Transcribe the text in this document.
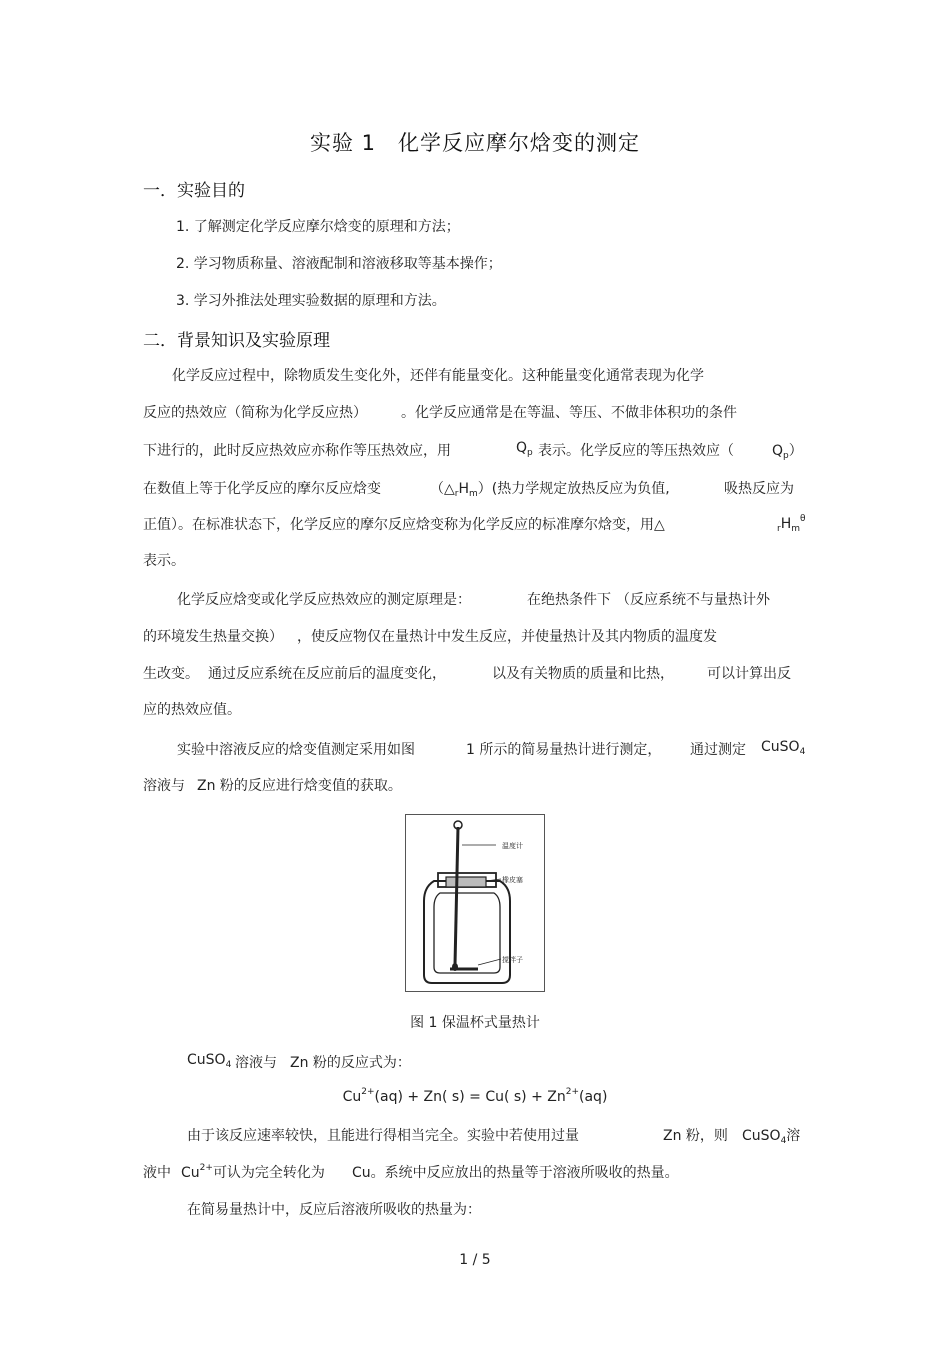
实验 1　化学反应摩尔焓变的测定
一．实验目的
1. 了解测定化学反应摩尔焓变的原理和方法；
2. 学习物质称量、溶液配制和溶液移取等基本操作；
3. 学习外推法处理实验数据的原理和方法。
二．背景知识及实验原理
化学反应过程中，除物质发生变化外，还伴有能量变化。这种能量变化通常表现为化学
反应的热效应（简称为化学反应热） 。化学反应通常是在等温、等压、不做非体积功的条件
下进行的，此时反应热效应亦称作等压热效应，用	$Q_p$ 表示。化学反应的等压热效应（	$Q_p$）
在数值上等于化学反应的摩尔反应焓变	$(\triangle_rH_m)$(热力学规定放热反应为负值,	吸热反应为
正值）。在标准状态下，化学反应的摩尔反应焓变称为化学反应的标准摩尔焓变，用△	$_rH_m^\theta$
表示。
化学反应焓变或化学反应热效应的测定原理是：	在绝热条件下 （反应系统不与量热计外
的环境发生热量交换） ，使反应物仅在量热计中发生反应，并使量热计及其内物质的温度发
生改变。 通过反应系统在反应前后的温度变化，	以及有关物质的质量和比热， 可以计算出反
应的热效应值。
实验中溶液反应的焓变值测定采用如图	1 所示的简易量热计进行测定， 通过测定 CuSO$_4$
溶液与 Zn 粉的反应进行焓变值的获取。
温度计
橡皮塞
搅拌子
图 1 保温杯式量热计
CuSO$_4$ 溶液与 Zn 粉的反应式为：
$Cu^{2+}(aq) + Zn$( s) = Cu( $s) + Zn^{2+}(aq)$
由于该反应速率较快，且能进行得相当完全。实验中若使用过量	Zn 粉，则 CuSO$_4$溶
液中 $Cu^{2+}$可认为完全转化为 Cu。系统中反应放出的热量等于溶液所吸收的热量。
在简易量热计中，反应后溶液所吸收的热量为：
1 / 5
